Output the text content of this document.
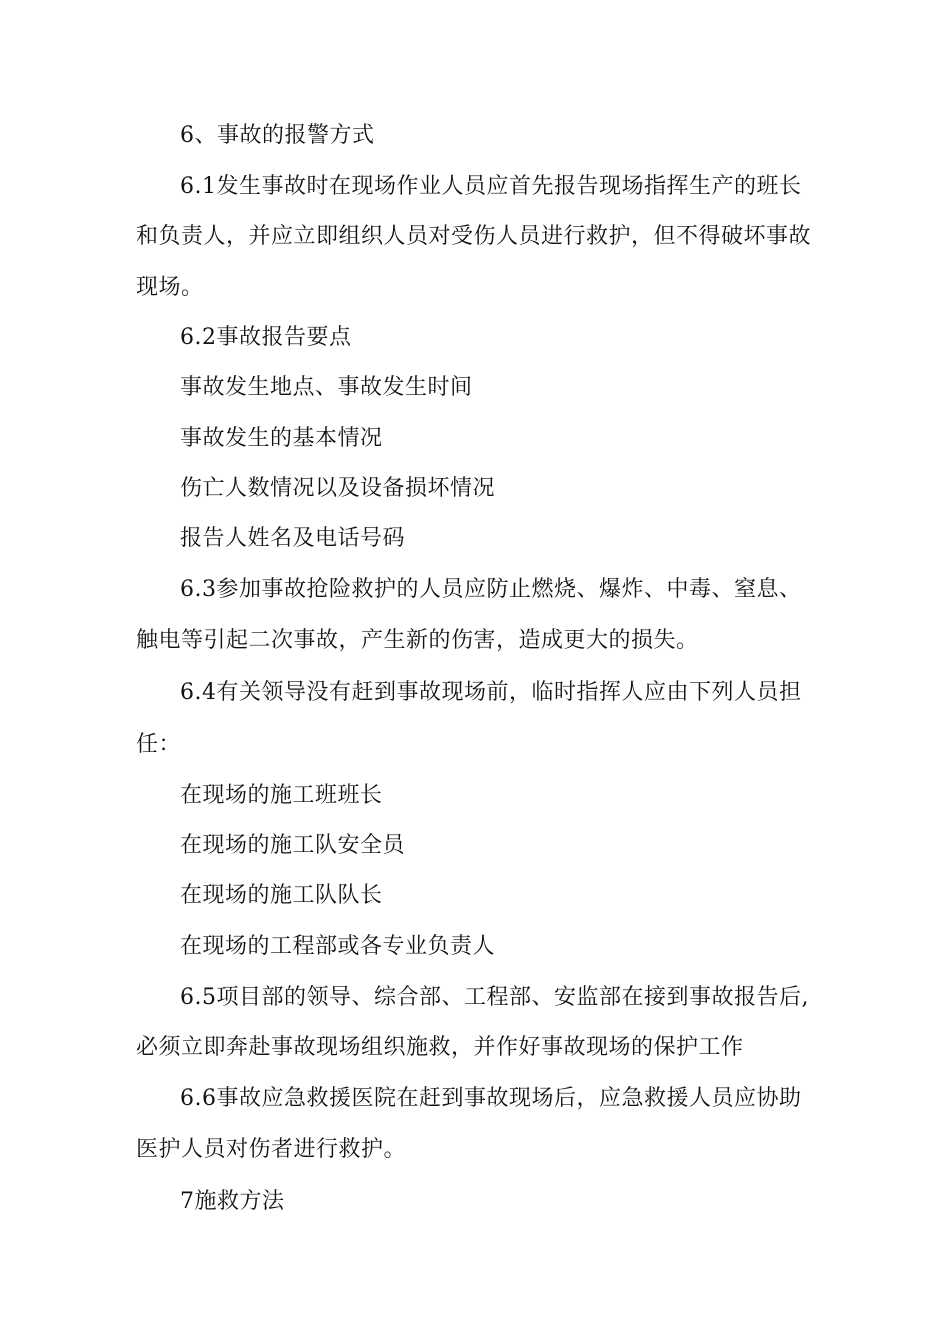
6、事故的报警方式

6.1发生事故时在现场作业人员应首先报告现场指挥生产的班长

和负责人，并应立即组织人员对受伤人员进行救护，但不得破坏事故

现场。

6.2事故报告要点

事故发生地点、事故发生时间

事故发生的基本情况

伤亡人数情况以及设备损坏情况

报告人姓名及电话号码

6.3参加事故抢险救护的人员应防止燃烧、爆炸、中毒、窒息、

触电等引起二次事故，产生新的伤害，造成更大的损失。

6.4有关领导没有赶到事故现场前，临时指挥人应由下列人员担

任：

在现场的施工班班长

在现场的施工队安全员

在现场的施工队队长

在现场的工程部或各专业负责人

6.5项目部的领导、综合部、工程部、安监部在接到事故报告后,

必须立即奔赴事故现场组织施救，并作好事故现场的保护工作

6.6事故应急救援医院在赶到事故现场后，应急救援人员应协助

医护人员对伤者进行救护。

7施救方法
